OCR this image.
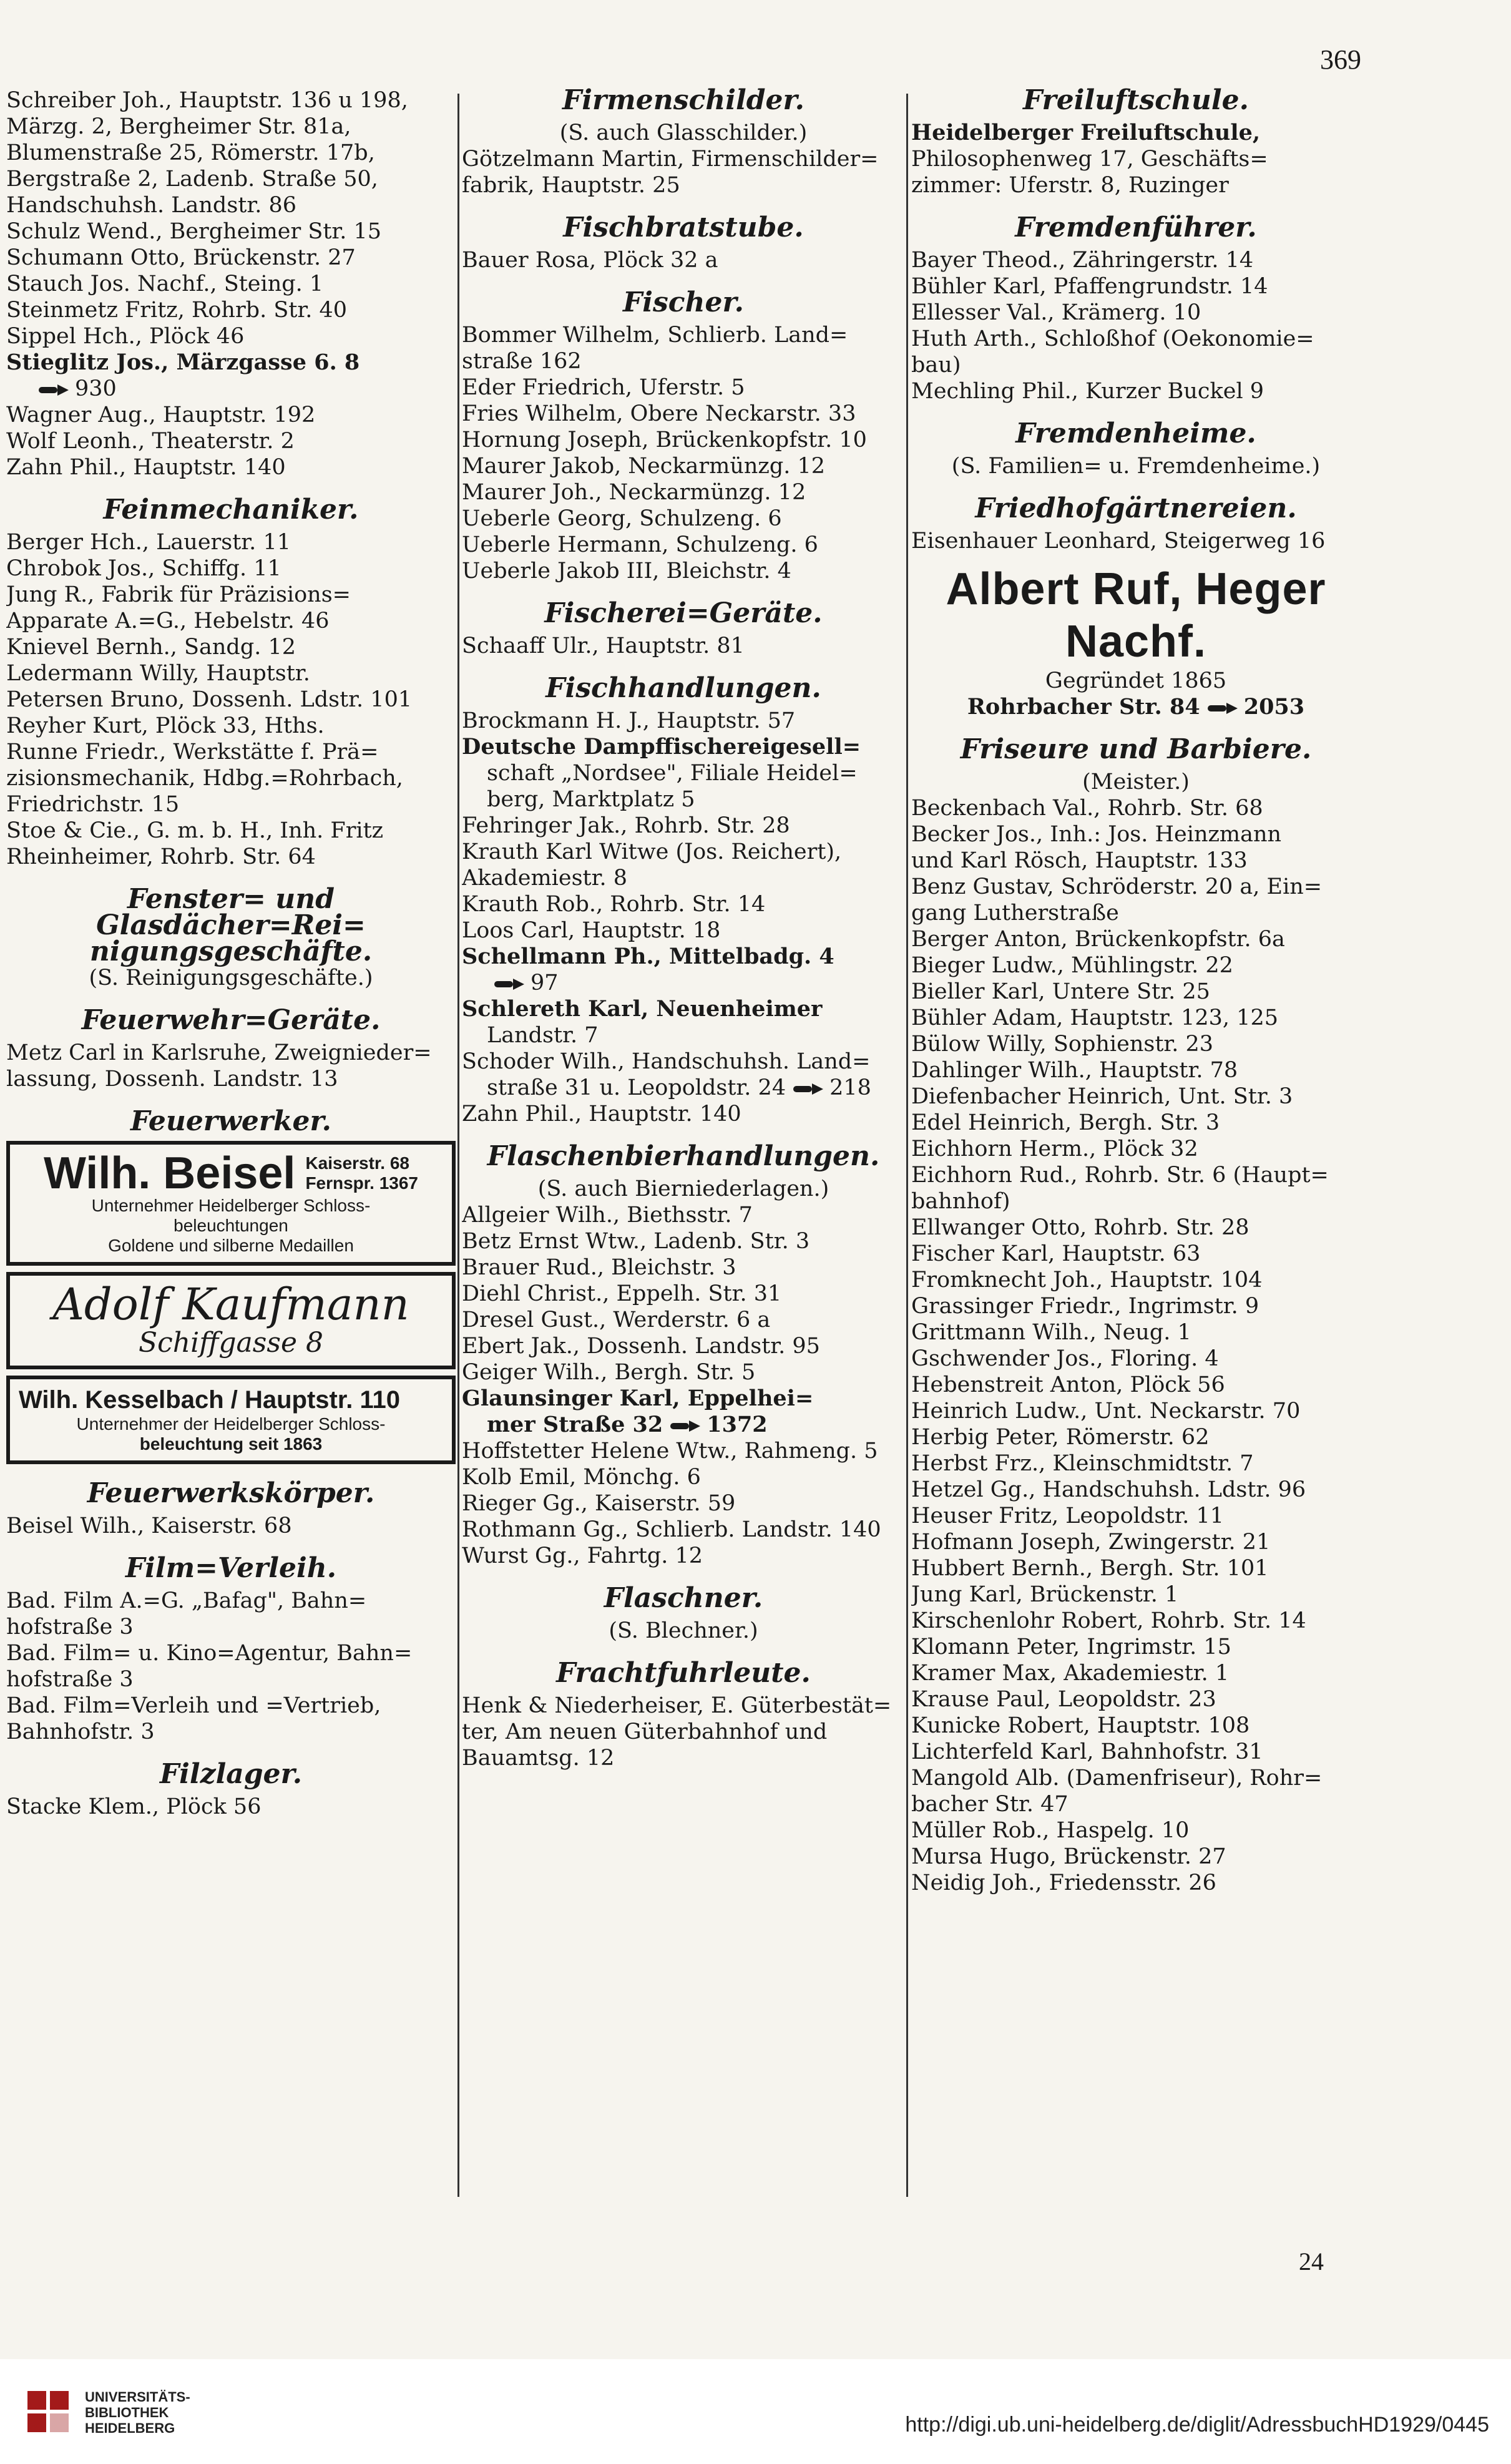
369
Schreiber Joh., Hauptstr. 136 u 198,
Märzg. 2, Bergheimer Str. 81a,
Blumenstraße 25, Römerstr. 17b,
Bergstraße 2, Ladenb. Straße 50,
Handschuhsh. Landstr. 86
Schulz Wend., Bergheimer Str. 15
Schumann Otto, Brückenstr. 27
Stauch Jos. Nachf., Steing. 1
Steinmetz Fritz, Rohrb. Str. 40
Sippel Hch., Plöck 46
Stieglitz Jos., Märzgasse 6. 8
930
Wagner Aug., Hauptstr. 192
Wolf Leonh., Theaterstr. 2
Zahn Phil., Hauptstr. 140
Feinmechaniker.
Berger Hch., Lauerstr. 11
Chrobok Jos., Schiffg. 11
Jung R., Fabrik für Präzisions=
Apparate A.=G., Hebelstr. 46
Knievel Bernh., Sandg. 12
Ledermann Willy, Hauptstr.
Petersen Bruno, Dossenh. Ldstr. 101
Reyher Kurt, Plöck 33, Hths.
Runne Friedr., Werkstätte f. Prä=
zisionsmechanik, Hdbg.=Rohrbach,
Friedrichstr. 15
Stoe & Cie., G. m. b. H., Inh. Fritz
Rheinheimer, Rohrb. Str. 64
Fenster= und Glasdächer=Rei=
nigungsgeschäfte.
(S. Reinigungsgeschäfte.)
Feuerwehr=Geräte.
Metz Carl in Karlsruhe, Zweignieder=
lassung, Dossenh. Landstr. 13
Feuerwerker.
Wilh. Beisel Kaiserstr. 68
Fernspr. 1367
Unternehmer Heidelberger Schloss-
beleuchtungen
Goldene und silberne Medaillen
Adolf Kaufmann
Schiffgasse 8
Wilh. Kesselbach / Hauptstr. 110
Unternehmer der Heidelberger Schloss-
beleuchtung seit 1863
Feuerwerkskörper.
Beisel Wilh., Kaiserstr. 68
Film=Verleih.
Bad. Film A.=G. „Bafag", Bahn=
hofstraße 3
Bad. Film= u. Kino=Agentur, Bahn=
hofstraße 3
Bad. Film=Verleih und =Vertrieb,
Bahnhofstr. 3
Filzlager.
Stacke Klem., Plöck 56
Firmenschilder.
(S. auch Glasschilder.)
Götzelmann Martin, Firmenschilder=
fabrik, Hauptstr. 25
Fischbratstube.
Bauer Rosa, Plöck 32 a
Fischer.
Bommer Wilhelm, Schlierb. Land=
straße 162
Eder Friedrich, Uferstr. 5
Fries Wilhelm, Obere Neckarstr. 33
Hornung Joseph, Brückenkopfstr. 10
Maurer Jakob, Neckarmünzg. 12
Maurer Joh., Neckarmünzg. 12
Ueberle Georg, Schulzeng. 6
Ueberle Hermann, Schulzeng. 6
Ueberle Jakob III, Bleichstr. 4
Fischerei=Geräte.
Schaaff Ulr., Hauptstr. 81
Fischhandlungen.
Brockmann H. J., Hauptstr. 57
Deutsche Dampffischereigesell=
schaft „Nordsee", Filiale Heidel=
berg, Marktplatz 5
Fehringer Jak., Rohrb. Str. 28
Krauth Karl Witwe (Jos. Reichert),
Akademiestr. 8
Krauth Rob., Rohrb. Str. 14
Loos Carl, Hauptstr. 18
Schellmann Ph., Mittelbadg. 4
97
Schlereth Karl, Neuenheimer
Landstr. 7
Schoder Wilh., Handschuhsh. Land=
straße 31 u. Leopoldstr. 24 218
Zahn Phil., Hauptstr. 140
Flaschenbierhandlungen.
(S. auch Bierniederlagen.)
Allgeier Wilh., Biethsstr. 7
Betz Ernst Wtw., Ladenb. Str. 3
Brauer Rud., Bleichstr. 3
Diehl Christ., Eppelh. Str. 31
Dresel Gust., Werderstr. 6 a
Ebert Jak., Dossenh. Landstr. 95
Geiger Wilh., Bergh. Str. 5
Glaunsinger Karl, Eppelhei=
mer Straße 32 1372
Hoffstetter Helene Wtw., Rahmeng. 5
Kolb Emil, Mönchg. 6
Rieger Gg., Kaiserstr. 59
Rothmann Gg., Schlierb. Landstr. 140
Wurst Gg., Fahrtg. 12
Flaschner.
(S. Blechner.)
Frachtfuhrleute.
Henk & Niederheiser, E. Güterbestät=
ter, Am neuen Güterbahnhof und
Bauamtsg. 12
Freiluftschule.
Heidelberger Freiluftschule,
Philosophenweg 17, Geschäfts=
zimmer: Uferstr. 8, Ruzinger
Fremdenführer.
Bayer Theod., Zähringerstr. 14
Bühler Karl, Pfaffengrundstr. 14
Ellesser Val., Krämerg. 10
Huth Arth., Schloßhof (Oekonomie=
bau)
Mechling Phil., Kurzer Buckel 9
Fremdenheime.
(S. Familien= u. Fremdenheime.)
Friedhofgärtnereien.
Eisenhauer Leonhard, Steigerweg 16
Albert Ruf, Heger Nachf.
Gegründet 1865
Rohrbacher Str. 84 2053
Friseure und Barbiere.
(Meister.)
Beckenbach Val., Rohrb. Str. 68
Becker Jos., Inh.: Jos. Heinzmann
und Karl Rösch, Hauptstr. 133
Benz Gustav, Schröderstr. 20 a, Ein=
gang Lutherstraße
Berger Anton, Brückenkopfstr. 6a
Bieger Ludw., Mühlingstr. 22
Bieller Karl, Untere Str. 25
Bühler Adam, Hauptstr. 123, 125
Bülow Willy, Sophienstr. 23
Dahlinger Wilh., Hauptstr. 78
Diefenbacher Heinrich, Unt. Str. 3
Edel Heinrich, Bergh. Str. 3
Eichhorn Herm., Plöck 32
Eichhorn Rud., Rohrb. Str. 6 (Haupt=
bahnhof)
Ellwanger Otto, Rohrb. Str. 28
Fischer Karl, Hauptstr. 63
Fromknecht Joh., Hauptstr. 104
Grassinger Friedr., Ingrimstr. 9
Grittmann Wilh., Neug. 1
Gschwender Jos., Floring. 4
Hebenstreit Anton, Plöck 56
Heinrich Ludw., Unt. Neckarstr. 70
Herbig Peter, Römerstr. 62
Herbst Frz., Kleinschmidtstr. 7
Hetzel Gg., Handschuhsh. Ldstr. 96
Heuser Fritz, Leopoldstr. 11
Hofmann Joseph, Zwingerstr. 21
Hubbert Bernh., Bergh. Str. 101
Jung Karl, Brückenstr. 1
Kirschenlohr Robert, Rohrb. Str. 14
Klomann Peter, Ingrimstr. 15
Kramer Max, Akademiestr. 1
Krause Paul, Leopoldstr. 23
Kunicke Robert, Hauptstr. 108
Lichterfeld Karl, Bahnhofstr. 31
Mangold Alb. (Damenfriseur), Rohr=
bacher Str. 47
Müller Rob., Haspelg. 10
Mursa Hugo, Brückenstr. 27
Neidig Joh., Friedensstr. 26
24
UNIVERSITÄTS-
BIBLIOTHEK
HEIDELBERG	http://digi.ub.uni-heidelberg.de/diglit/AdressbuchHD1929/0445
